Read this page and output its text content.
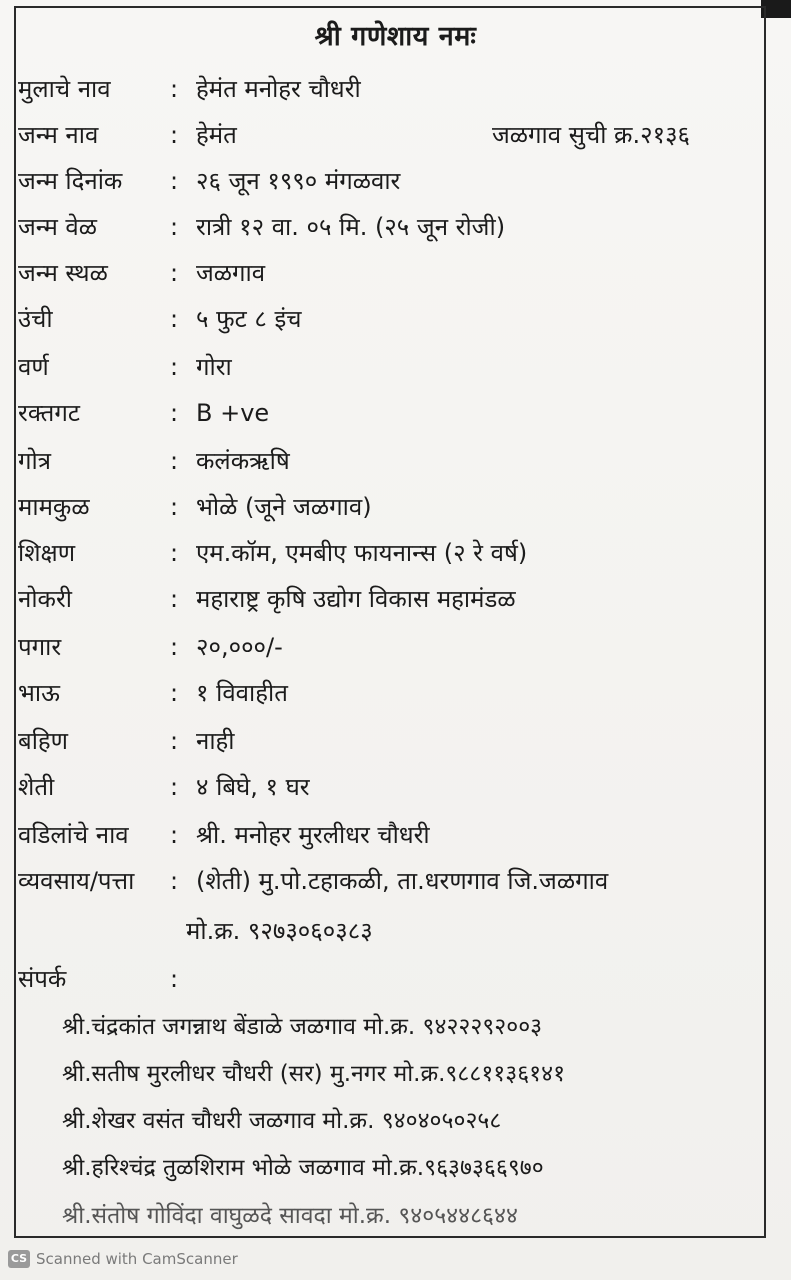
श्री गणेशाय नमः
मुलाचे नाव : हेमंत मनोहर चौधरी
जन्म नाव	: हेमंत	जळगाव सुची क्र.२१३६
जन्म दिनांक : २६ जून १९९० मंगळवार
जन्म वेळ	: रात्री १२ वा. ०५ मि. (२५ जून रोजी)
जन्म स्थळ	: जळगाव
उंची	: ५ फुट ८ इंच
वर्ण	: गोरा
रक्तगट	: B +ve
गोत्र	: कलंकऋषि
मामकुळ	: भोळे (जूने जळगाव)
शिक्षण	: एम.कॉम, एमबीए फायनान्स (२ रे वर्ष)
नोकरी	: महाराष्ट्र कृषि उद्योग विकास महामंडळ
पगार	: २०,०००/-
भाऊ	: १ विवाहीत
बहिण	: नाही
शेती	: ४ बिघे, १ घर
वडिलांचे नाव : श्री. मनोहर मुरलीधर चौधरी
व्यवसाय/पत्ता : (शेती) मु.पो.टहाकळी, ता.धरणगाव जि.जळगाव
मो.क्र. ९२७३०६०३८३
संपर्क	:
श्री.चंद्रकांत जगन्नाथ बेंडाळे जळगाव मो.क्र. ९४२२२९२००३
श्री.सतीष मुरलीधर चौधरी (सर) मु.नगर मो.क्र.९८८११३६१४१
श्री.शेखर वसंत चौधरी जळगाव मो.क्र. ९४०४०५०२५८
श्री.हरिश्चंद्र तुळशिराम भोळे जळगाव मो.क्र.९६३७३६६९७०
श्री.संतोष गोविंदा वाघुळदे सावदा मो.क्र. ९४०५४४८६४४
CS Scanned with CamScanner
